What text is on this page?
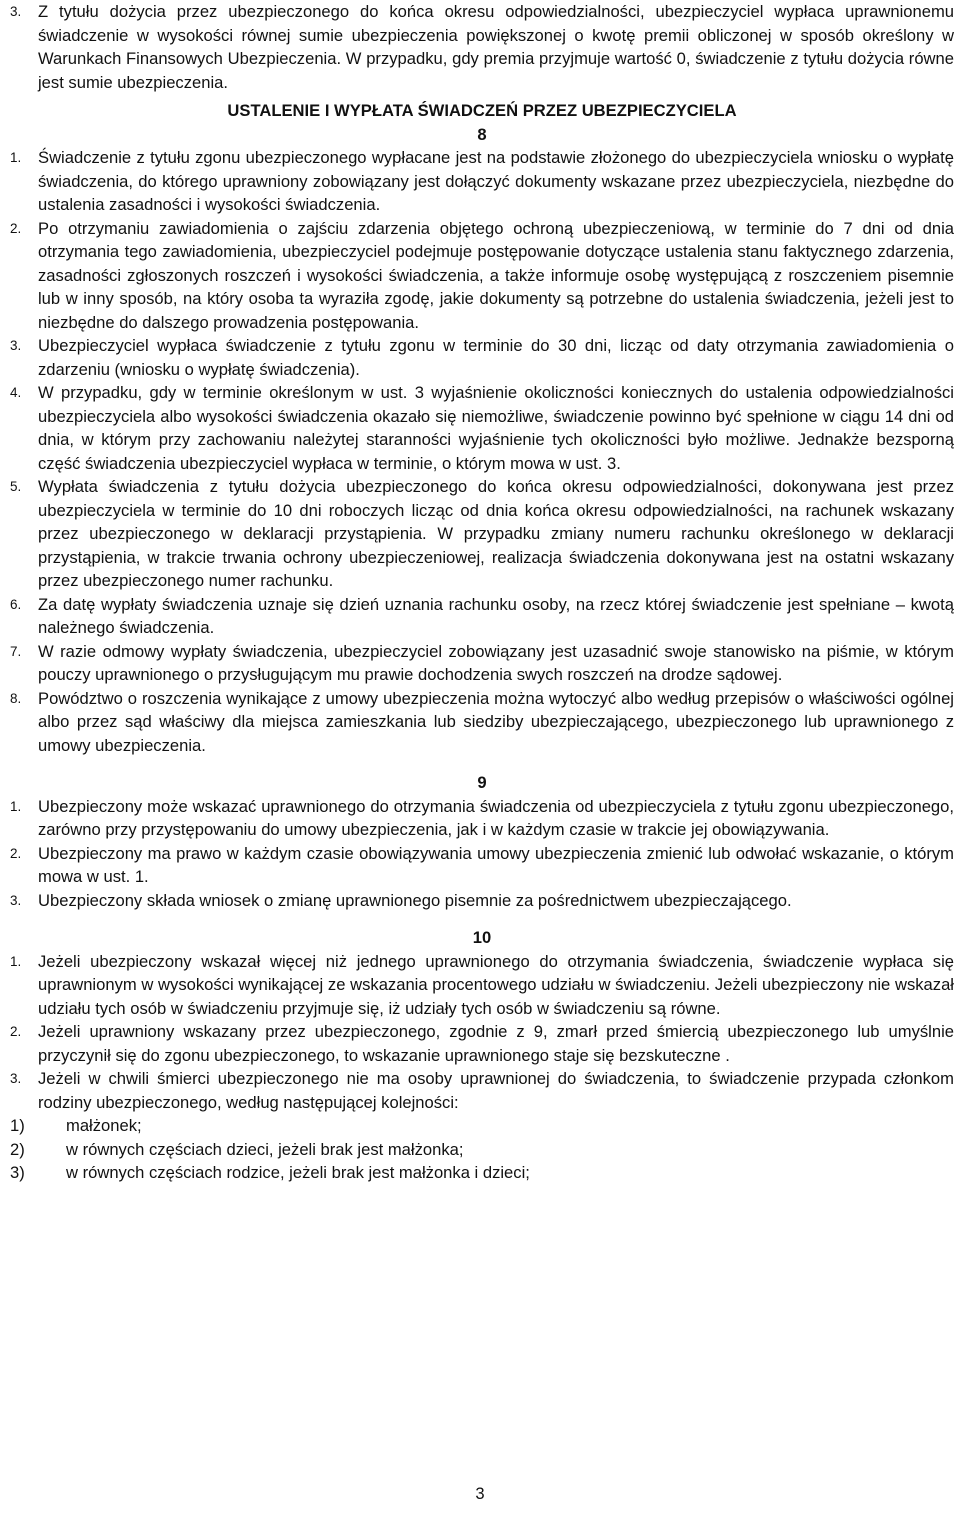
3.	Z tytułu dożycia przez ubezpieczonego do końca okresu odpowiedzialności, ubezpieczyciel wypłaca uprawnionemu świadczenie w wysokości równej sumie ubezpieczenia powiększonej o kwotę premii obliczonej w sposób określony w Warunkach Finansowych Ubezpieczenia. W przypadku, gdy premia przyjmuje wartość 0, świadczenie z tytułu dożycia równe jest sumie ubezpieczenia.
USTALENIE I WYPŁATA ŚWIADCZEŃ PRZEZ UBEZPIECZYCIELA
8
1.	Świadczenie z tytułu zgonu ubezpieczonego wypłacane jest na podstawie złożonego do ubezpieczyciela wniosku o wypłatę świadczenia, do którego uprawniony zobowiązany jest dołączyć dokumenty wskazane przez ubezpieczyciela, niezbędne do ustalenia zasadności i wysokości świadczenia.
2.	Po otrzymaniu zawiadomienia o zajściu zdarzenia objętego ochroną ubezpieczeniową, w terminie do 7 dni od dnia otrzymania tego zawiadomienia, ubezpieczyciel podejmuje postępowanie dotyczące ustalenia stanu faktycznego zdarzenia, zasadności zgłoszonych roszczeń i wysokości świadczenia, a także informuje osobę występującą z roszczeniem pisemnie lub w inny sposób, na który osoba ta wyraziła zgodę, jakie dokumenty są potrzebne do ustalenia świadczenia, jeżeli jest to niezbędne do dalszego prowadzenia postępowania.
3.	Ubezpieczyciel wypłaca świadczenie z tytułu zgonu w terminie do 30 dni, licząc od daty otrzymania zawiadomienia o zdarzeniu (wniosku o wypłatę świadczenia).
4.	W przypadku, gdy w terminie określonym w ust. 3 wyjaśnienie okoliczności koniecznych do ustalenia odpowiedzialności ubezpieczyciela albo wysokości świadczenia okazało się niemożliwe, świadczenie powinno być spełnione w ciągu 14 dni od dnia, w którym przy zachowaniu należytej staranności wyjaśnienie tych okoliczności było możliwe. Jednakże bezsporną część świadczenia ubezpieczyciel wypłaca w terminie, o którym mowa w ust. 3.
5.	Wypłata świadczenia z tytułu dożycia ubezpieczonego do końca okresu odpowiedzialności, dokonywana jest przez ubezpieczyciela w terminie do 10 dni roboczych licząc od dnia końca okresu odpowiedzialności, na rachunek wskazany przez ubezpieczonego w deklaracji przystąpienia. W przypadku zmiany numeru rachunku określonego w deklaracji przystąpienia, w trakcie trwania ochrony ubezpieczeniowej, realizacja świadczenia dokonywana jest na ostatni wskazany przez ubezpieczonego numer rachunku.
6.	Za datę wypłaty świadczenia uznaje się dzień uznania rachunku osoby, na rzecz której świadczenie jest spełniane – kwotą należnego świadczenia.
7.	W razie odmowy wypłaty świadczenia, ubezpieczyciel zobowiązany jest uzasadnić swoje stanowisko na piśmie, w którym pouczy uprawnionego o przysługującym mu prawie dochodzenia swych roszczeń na drodze sądowej.
8.	Powództwo o roszczenia wynikające z umowy ubezpieczenia można wytoczyć albo według przepisów o właściwości ogólnej albo przez sąd właściwy dla miejsca zamieszkania lub siedziby ubezpieczającego, ubezpieczonego lub uprawnionego z umowy ubezpieczenia.
9
1.	Ubezpieczony może wskazać uprawnionego do otrzymania świadczenia od ubezpieczyciela z tytułu zgonu ubezpieczonego, zarówno przy przystępowaniu do umowy ubezpieczenia, jak i w każdym czasie w trakcie jej obowiązywania.
2.	Ubezpieczony ma prawo w każdym czasie obowiązywania umowy ubezpieczenia zmienić lub odwołać wskazanie, o którym mowa w ust. 1.
3.	Ubezpieczony składa wniosek o zmianę uprawnionego pisemnie za pośrednictwem ubezpieczającego.
10
1.	Jeżeli ubezpieczony wskazał więcej niż jednego uprawnionego do otrzymania świadczenia, świadczenie wypłaca się uprawnionym w wysokości wynikającej ze wskazania procentowego udziału w świadczeniu. Jeżeli ubezpieczony nie wskazał udziału tych osób w świadczeniu przyjmuje się, iż udziały tych osób w świadczeniu są równe.
2.	Jeżeli uprawniony wskazany przez ubezpieczonego, zgodnie z 9, zmarł przed śmiercią ubezpieczonego lub umyślnie przyczynił się do zgonu ubezpieczonego, to wskazanie uprawnionego staje się bezskuteczne .
3.	Jeżeli w chwili śmierci ubezpieczonego nie ma osoby uprawnionej do świadczenia, to świadczenie przypada członkom rodziny ubezpieczonego, według następującej kolejności:
1)	małżonek;
2)	w równych częściach dzieci, jeżeli brak jest małżonka;
3)	w równych częściach rodzice, jeżeli brak jest małżonka i dzieci;
3
